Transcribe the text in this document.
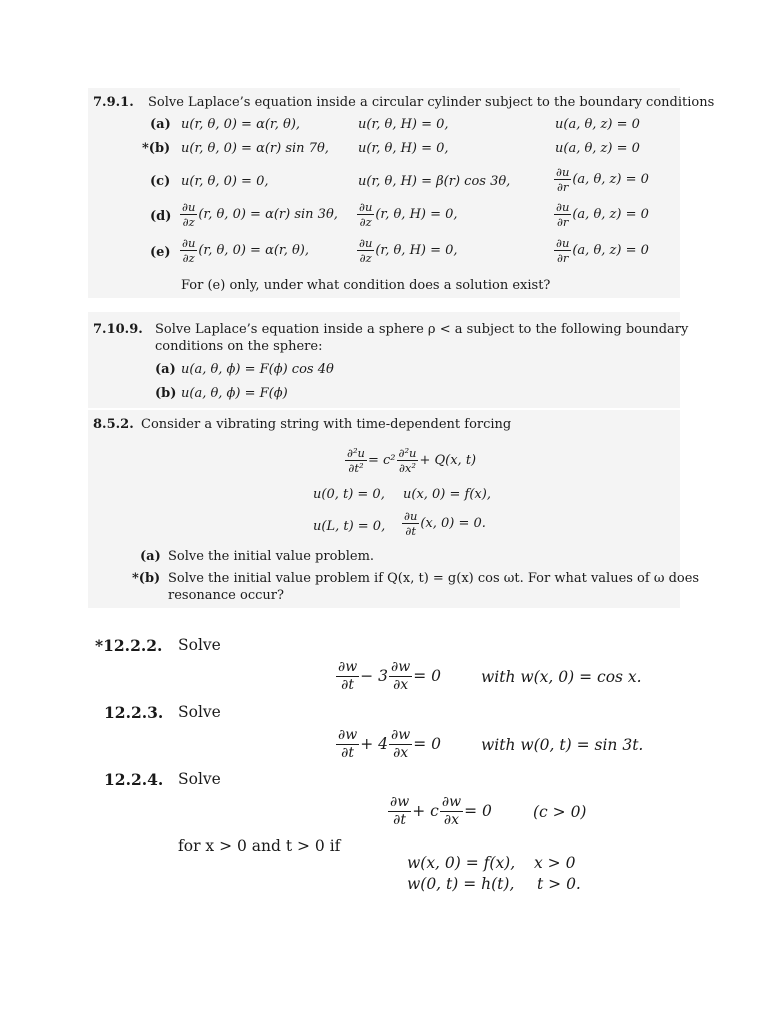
7.9.1. Solve Laplace’s equation inside a circular cylinder subject to the boundary conditions
(a) u(r, θ, 0) = α(r, θ),	u(r, θ, H) = 0,	u(a, θ, z) = 0
*(b) u(r, θ, 0) = α(r) sin 7θ, u(r, θ, H) = 0,	u(a, θ, z) = 0
(c) u(r, θ, 0) = 0,	u(r, θ, H) = β(r) cos 3θ,	$\frac{\partial u}{\partial r} (a$, θ, z) = 0
$(d) \frac{\partial u}{\partial z} (r$, θ, 0) = α(r) sin 3θ, $\frac{\partial u}{\partial z} (r$, θ, H) = 0,	$\frac{\partial u}{\partial r} (a$, θ, z) = 0
$(e) \frac{\partial u}{\partial z} (r$, θ, 0) = α(r, θ),	$\frac{\partial u}{\partial z} (r$, θ, H) = 0,	$\frac{\partial u}{\partial r} (a$, θ, z) = 0
For (e) only, under what condition does a solution exist?
7.10.9. Solve Laplace’s equation inside a sphere ρ < a subject to the following boundary
conditions on the sphere:
(a) u(a, θ, ϕ) = F(ϕ) cos 4θ
(b) u(a, θ, ϕ) = F(ϕ)
8.5.2. Consider a vibrating string with time-dependent forcing
$\frac{\text{∂²u}}{\text{∂t²}} = c^2 \frac{\text{∂²u}}{\text{∂x²}} + Q(x$, t)
u(0, t) = 0, u(x, 0) = f(x),
u(L, t) = 0, $\frac{\partial u}{\partial t} (x$, 0) = 0.
(a) Solve the initial value problem.
*(b) Solve the initial value problem if Q(x, t) = g(x) cos ωt. For what values of ω does
resonance occur?
*12.2.2. Solve
$\frac{\partial w}{\partial t} - 3 \frac{\partial w}{\partial x} = 0$	with w(x, 0) = cos x.
12.2.3. Solve
$\frac{\partial w}{\partial t} + 4 \frac{\partial w}{\partial x} = 0$	with w(0, t) = sin 3t.
12.2.4. Solve
$\frac{\partial w}{\partial t} + c \frac{\partial w}{\partial x} = 0$	(c > 0)
for x > 0 and t > 0 if
w(x, 0) = f(x), x > 0
w(0, t) = h(t), t > 0.
